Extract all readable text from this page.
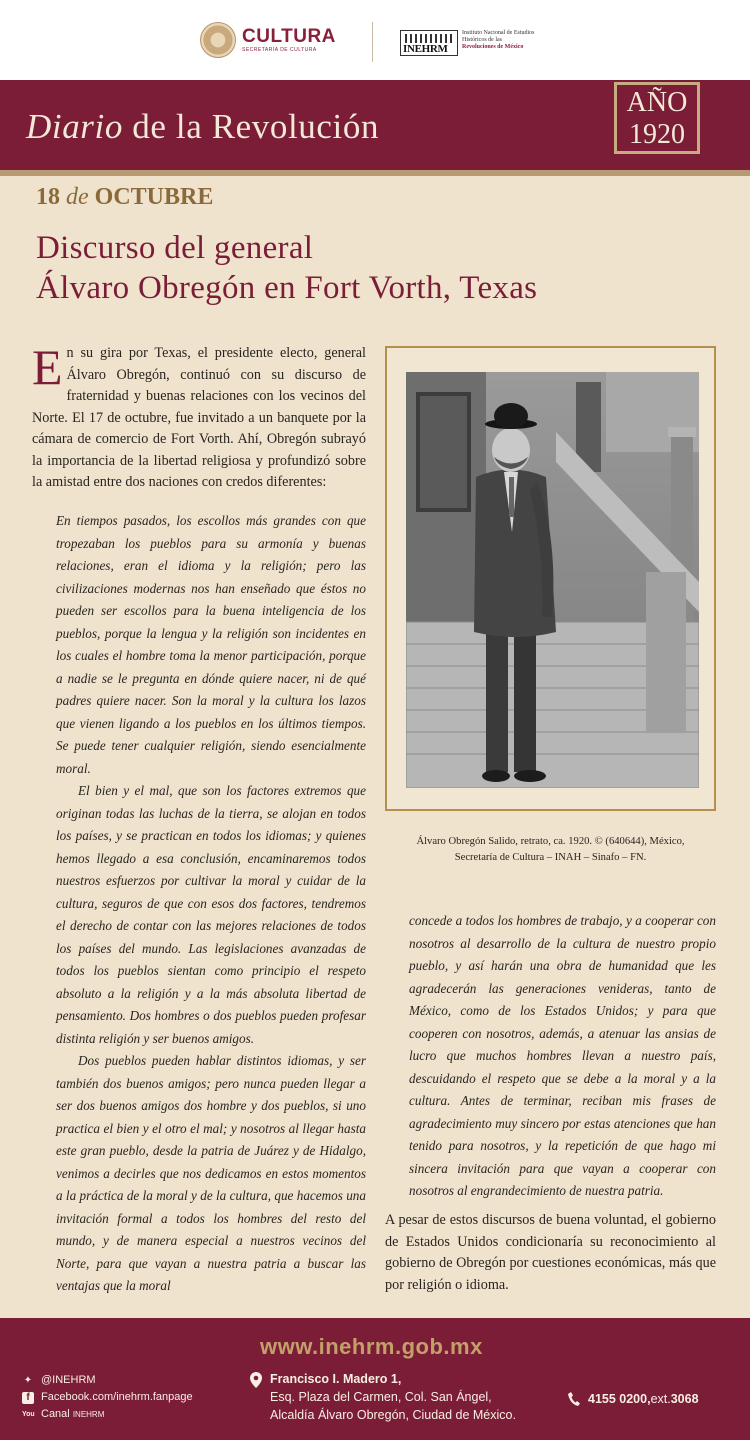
CULTURA
SECRETARÍA DE CULTURA	INEHRM
Instituto Nacional de Estudios Históricos de las
Revoluciones de México
Diario de la Revolución
AÑO
1920
18 de OCTUBRE
Discurso del general
Álvaro Obregón en Fort Vorth, Texas
En su gira por Texas, el presidente electo, general Álvaro Obregón, continuó con su discurso de fraternidad y buenas relaciones con los vecinos del Norte. El 17 de octubre, fue invitado a un banquete por la cámara de comercio de Fort Vorth. Ahí, Obregón subrayó la importancia de la libertad religiosa y profundizó sobre la amistad entre dos naciones con credos diferentes:

En tiempos pasados, los escollos más grandes con que tropezaban los pueblos para su armonía y buenas relaciones, eran el idioma y la religión; pero las civilizaciones modernas nos han enseñado que éstos no pueden ser escollos para la buena inteligencia de los pueblos, porque la lengua y la religión son incidentes en los cuales el hombre toma la menor participación, porque a nadie se le pregunta en dónde quiere nacer, ni de qué padres quiere nacer. Son la moral y la cultura los lazos que vienen ligando a los pueblos en los últimos tiempos. Se puede tener cualquier religión, siendo esencialmente moral.

El bien y el mal, que son los factores extremos que originan todas las luchas de la tierra, se alojan en todos los países, y se practican en todos los idiomas; y quienes hemos llegado a esa conclusión, encaminaremos todos nuestros esfuerzos por cultivar la moral y cuidar de la cultura, seguros de que con esos dos factores, tendremos el derecho de contar con las mejores relaciones de todos los países del mundo. Las legislaciones avanzadas de todos los pueblos sientan como principio el respeto absoluto a la religión y a la más absoluta libertad de pensamiento. Dos hombres o dos pueblos pueden profesar distinta religión y ser buenos amigos.

Dos pueblos pueden hablar distintos idiomas, y ser también dos buenos amigos; pero nunca pueden llegar a ser dos buenos amigos dos hombre y dos pueblos, si uno practica el bien y el otro el mal; y nosotros al llegar hasta este gran pueblo, desde la patria de Juárez y de Hidalgo, venimos a decirles que nos dedicamos en estos momentos a la práctica de la moral y de la cultura, que hacemos una invitación formal a todos los hombres del resto del mundo, y de manera especial a nuestros vecinos del Norte, para que vayan a nuestra patria a buscar las ventajas que la moral

Álvaro Obregón Salido, retrato, ca. 1920. © (640644), México,
Secretaría de Cultura – INAH – Sinafo – FN.
concede a todos los hombres de trabajo, y a cooperar con nosotros al desarrollo de la cultura de nuestro propio pueblo, y así harán una obra de humanidad que les agradecerán las generaciones venideras, tanto de México, como de los Estados Unidos; y para que cooperen con nosotros, además, a atenuar las ansias de lucro que muchos hombres llevan a nuestro país, descuidando el respeto que se debe a la moral y a la cultura. Antes de terminar, reciban mis frases de agradecimiento muy sincero por estas atenciones que han tenido para nosotros, y la repetición de que hago mi sincera invitación para que vayan a cooperar con nosotros al engrandecimiento de nuestra patria.
A pesar de estos discursos de buena voluntad, el gobierno de Estados Unidos condicionaría su reconocimiento al gobierno de Obregón por cuestiones económicas, más que por religión o idioma.
www.inehrm.gob.mx
✦ @INEHRM
f	Facebook.com/inehrm.fanpage
You Canal
INEHRM
Francisco I. Madero 1,
Esq. Plaza del Carmen, Col. San Ángel,
Alcaldía Álvaro Obregón, Ciudad de México.
4155 0200, ext. 3068
